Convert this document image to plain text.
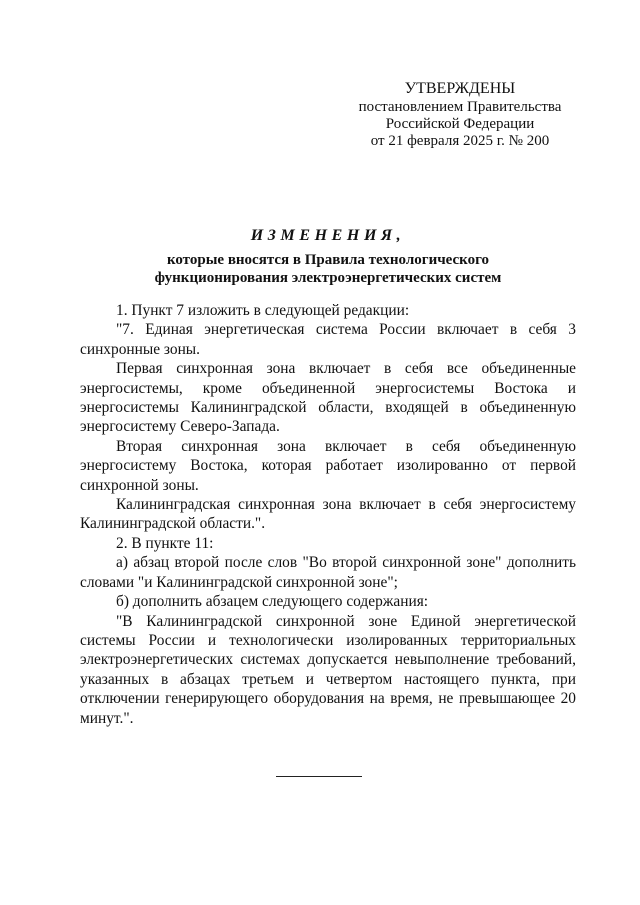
УТВЕРЖДЕНЫ
постановлением Правительства
Российской Федерации
от 21 февраля 2025 г. № 200
ИЗМЕНЕНИЯ,
которые вносятся в Правила технологического
функционирования электроэнергетических систем

1. Пункт 7 изложить в следующей редакции:

"7. Единая энергетическая система России включает в себя 3 синхронные зоны.

Первая синхронная зона включает в себя все объединенные энергосистемы, кроме объединенной энергосистемы Востока и энергосистемы Калининградской области, входящей в объединенную энергосистему Северо-Запада.

Вторая синхронная зона включает в себя объединенную энергосистему Востока, которая работает изолированно от первой синхронной зоны.

Калининградская синхронная зона включает в себя энергосистему Калининградской области.".

2. В пункте 11:

а) абзац второй после слов "Во второй синхронной зоне" дополнить словами "и Калининградской синхронной зоне";

б) дополнить абзацем следующего содержания:

"В Калининградской синхронной зоне Единой энергетической системы России и технологически изолированных территориальных электроэнергетических системах допускается невыполнение требований, указанных в абзацах третьем и четвертом настоящего пункта, при отключении генерирующего оборудования на время, не превышающее 20 минут.".
